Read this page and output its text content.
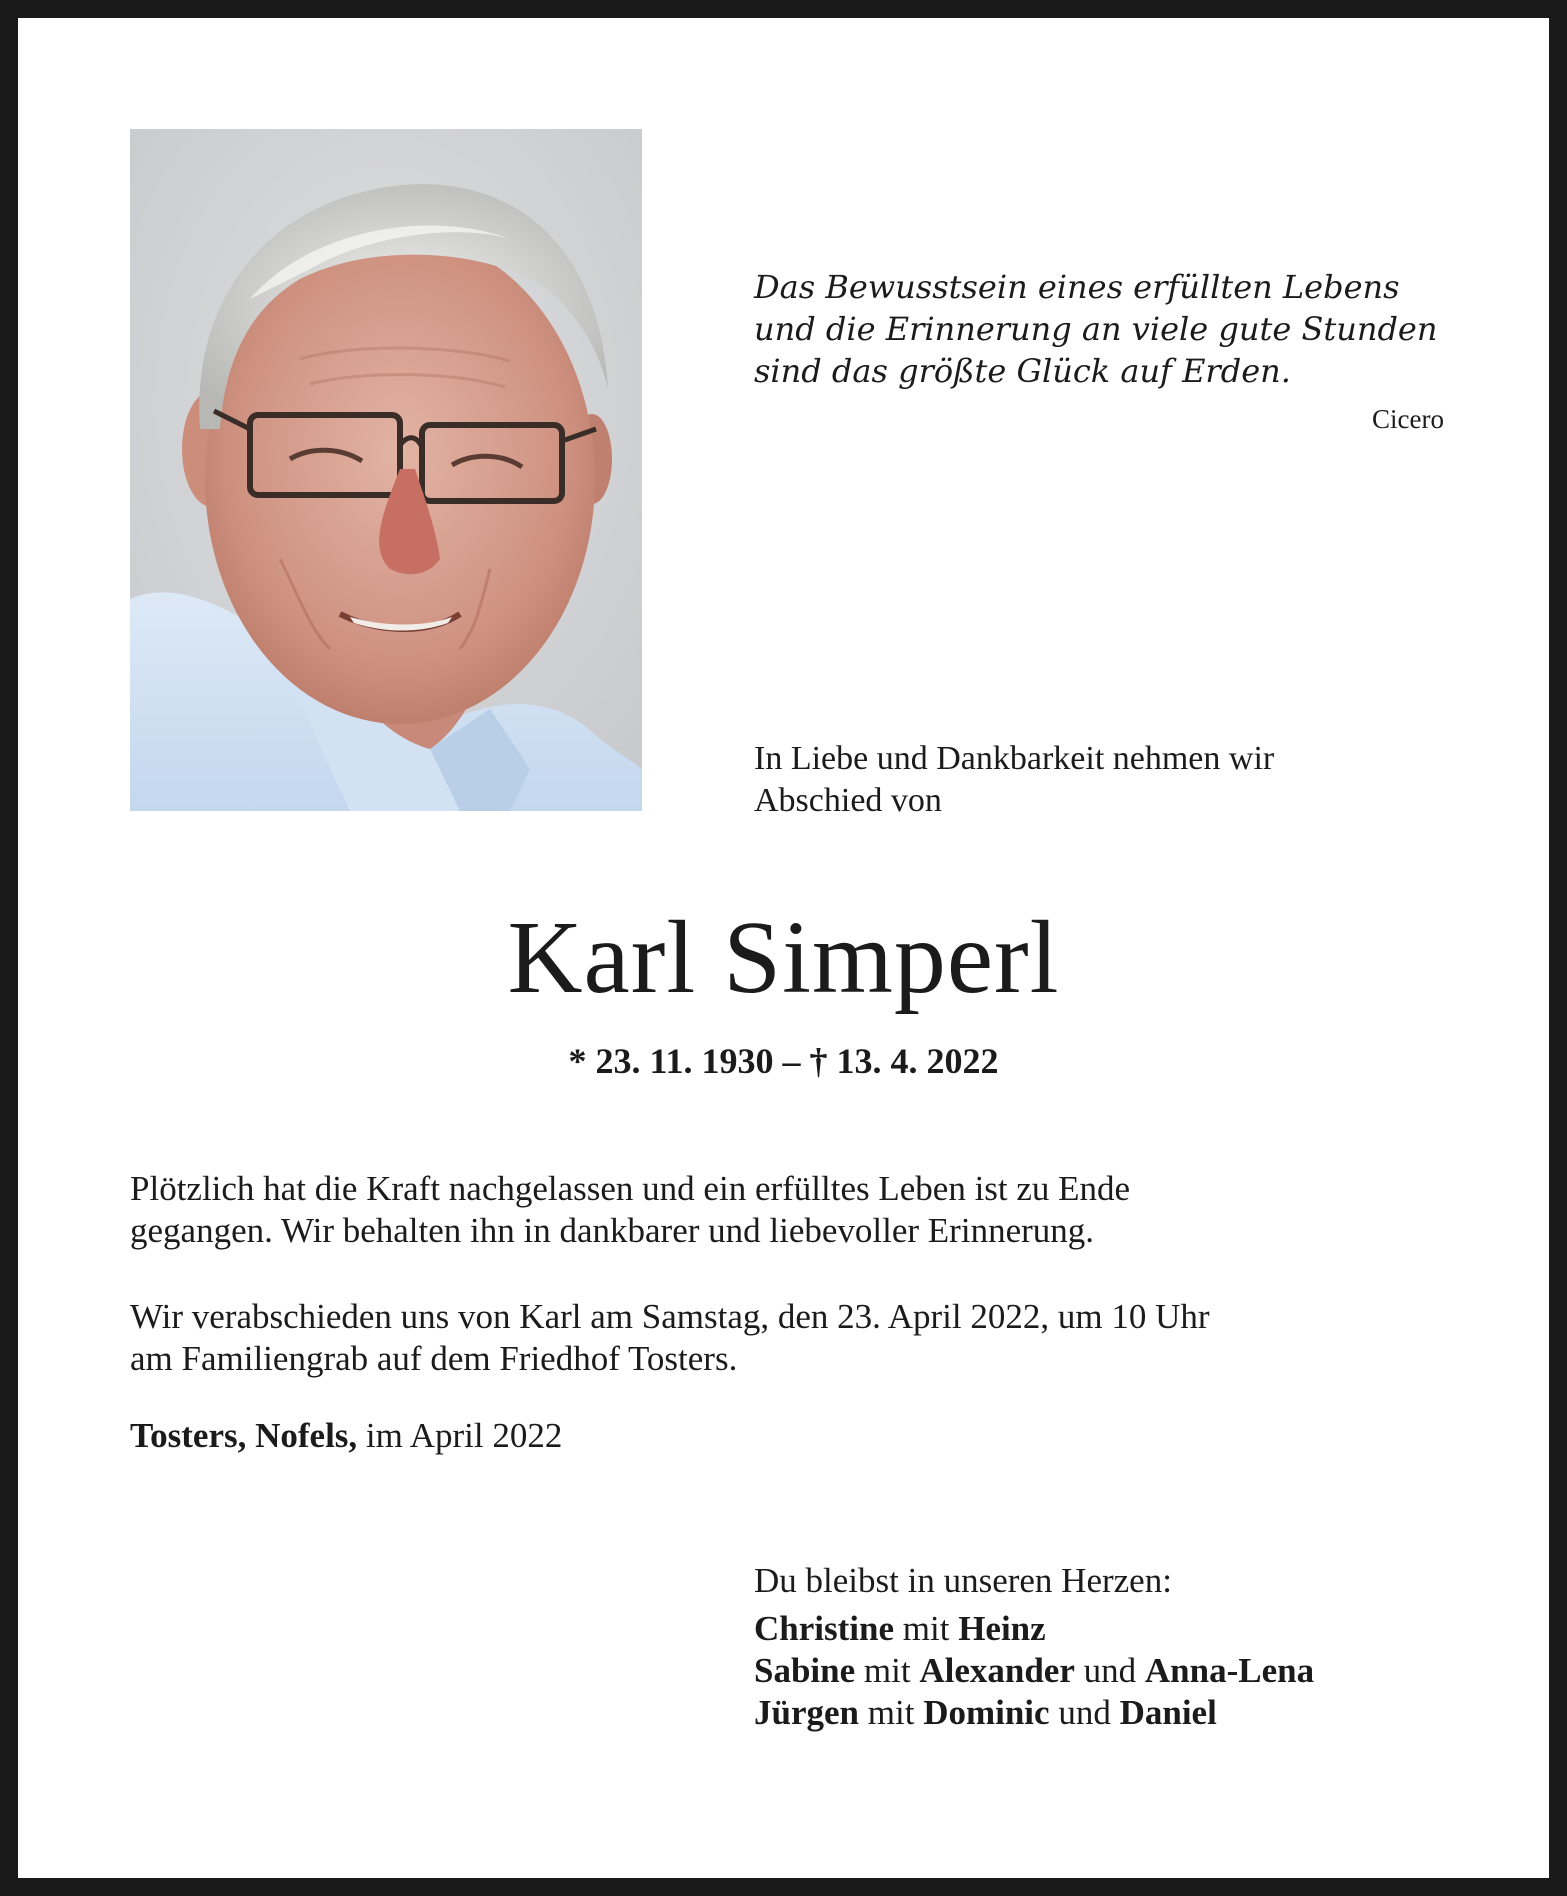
Das Bewusstsein eines erfüllten Lebens
und die Erinnerung an viele gute Stunden
sind das größte Glück auf Erden.
Cicero
In Liebe und Dankbarkeit nehmen wir
Abschied von
Karl Simperl
* 23. 11. 1930 – † 13. 4. 2022
Plötzlich hat die Kraft nachgelassen und ein erfülltes Leben ist zu Ende
gegangen. Wir behalten ihn in dankbarer und liebevoller Erinnerung.
Wir verabschieden uns von Karl am Samstag, den 23. April 2022, um 10 Uhr
am Familiengrab auf dem Friedhof Tosters.
Tosters, Nofels, im April 2022
Du bleibst in unseren Herzen:
Christine mit Heinz
Sabine mit Alexander und Anna-Lena
Jürgen mit Dominic und Daniel
